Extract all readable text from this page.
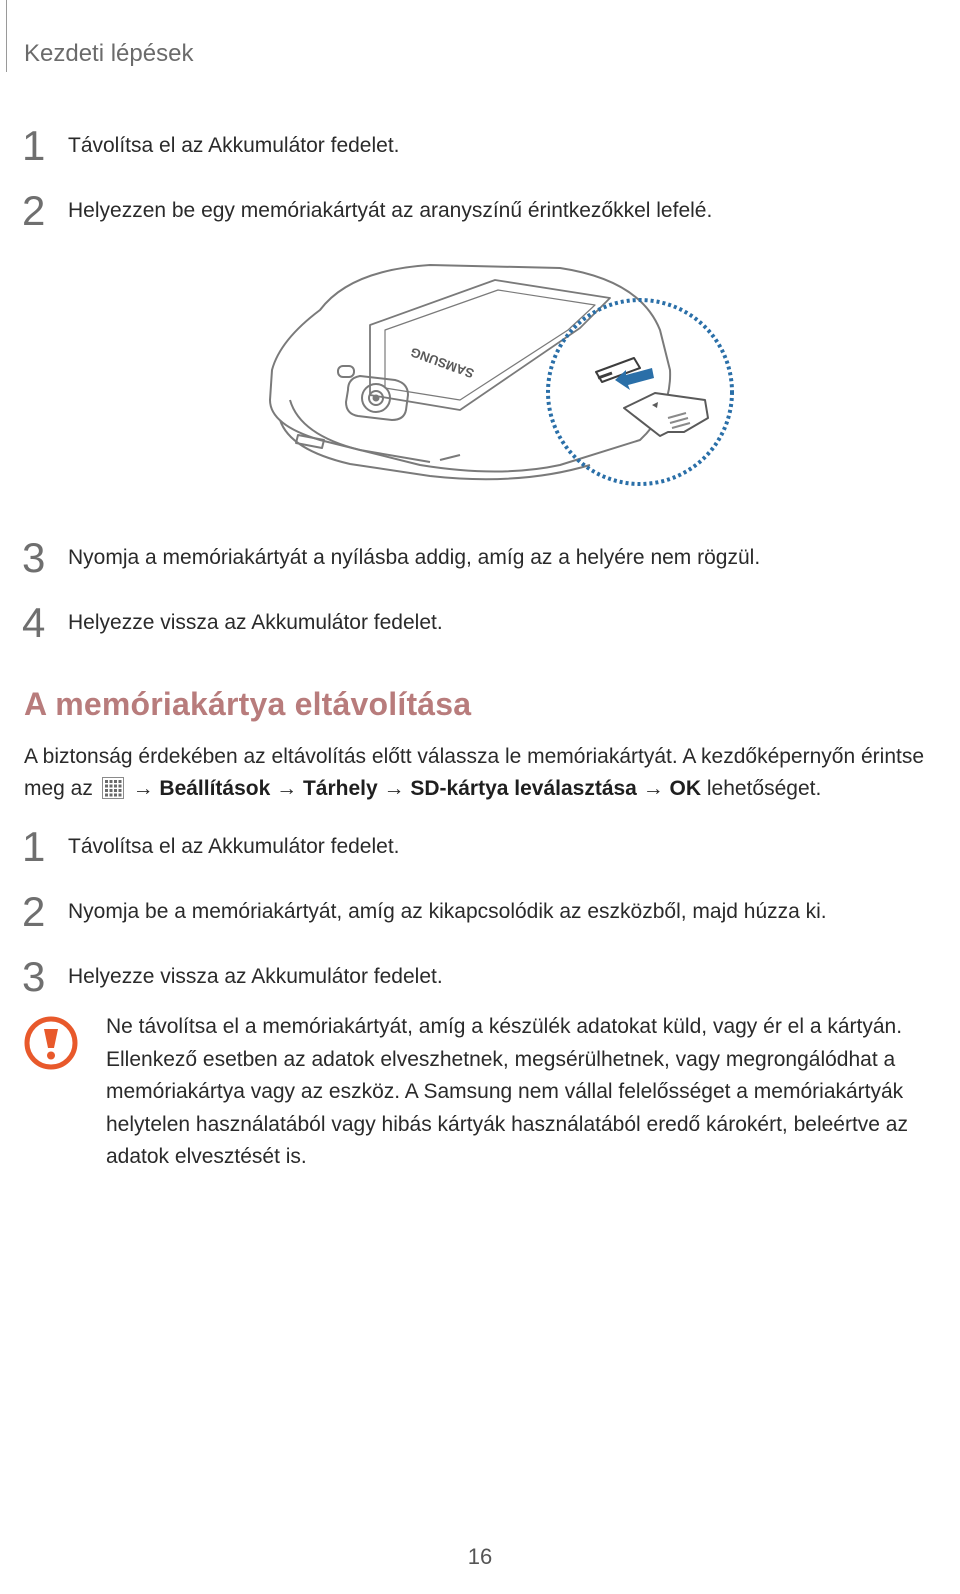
Kezdeti lépések
1	Távolítsa el az Akkumulátor fedelet.
2	Helyezzen be egy memóriakártyát az aranyszínű érintkezőkkel lefelé.
SAMSUNG
3	Nyomja a memóriakártyát a nyílásba addig, amíg az a helyére nem rögzül.
4	Helyezze vissza az Akkumulátor fedelet.
A memóriakártya eltávolítása
A biztonság érdekében az eltávolítás előtt válassza le memóriakártyát. A kezdőképernyőn érintse meg az → Beállítások → Tárhely → SD-kártya leválasztása → OK lehetőséget.
1	Távolítsa el az Akkumulátor fedelet.
2	Nyomja be a memóriakártyát, amíg az kikapcsolódik az eszközből, majd húzza ki.
3	Helyezze vissza az Akkumulátor fedelet.
Ne távolítsa el a memóriakártyát, amíg a készülék adatokat küld, vagy ér el a kártyán. Ellenkező esetben az adatok elveszhetnek, megsérülhetnek, vagy megrongálódhat a memóriakártya vagy az eszköz. A Samsung nem vállal felelősséget a memóriakártyák helytelen használatából vagy hibás kártyák használatából eredő károkért, beleértve az adatok elvesztését is.
16
